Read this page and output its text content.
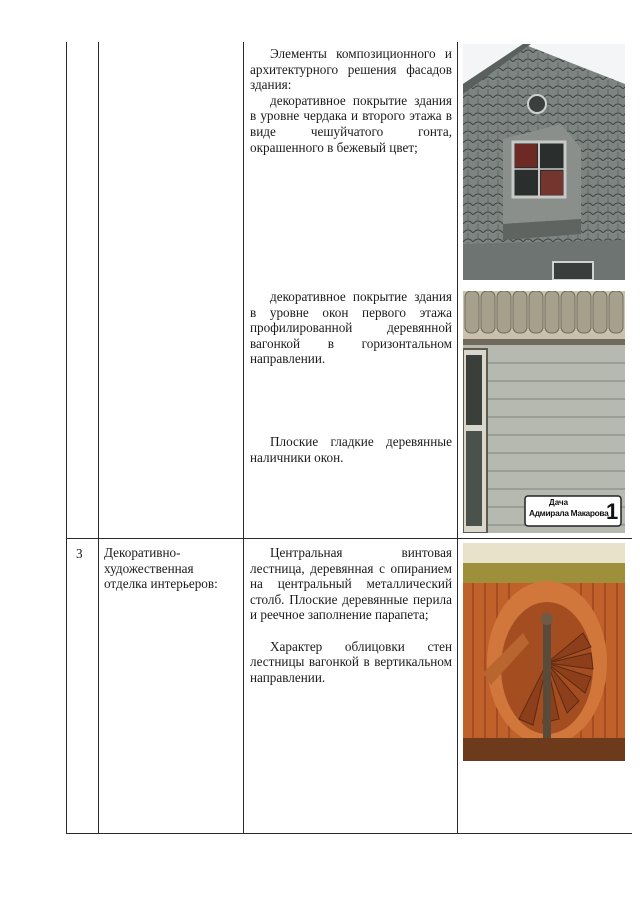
Элементы композиционного и архитектурного решения фасадов здания:

декоративное покрытие здания в уровне чердака и второго этажа в виде чешуйчатого гонта, окрашенного в бежевый цвет;

декоративное покрытие здания в уровне окон первого этажа профилированной деревянной вагонкой в горизонтальном направлении.

Плоские гладкие деревянные наличники окон.

Дача
Адмирала Макарова
1
3 Декоративно-художественная отделка интерьеров:

Центральная винтовая лестница, деревянная с опиранием на центральный металлический столб. Плоские деревянные перила и реечное заполнение парапета;

Характер облицовки стен лестницы вагонкой в вертикальном направлении.
